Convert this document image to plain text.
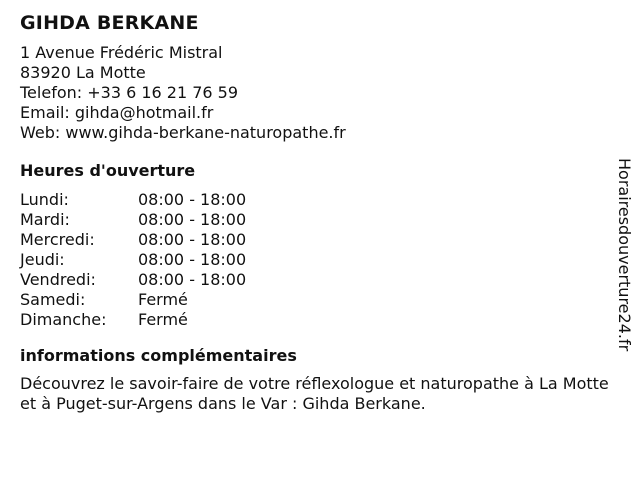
GIHDA BERKANE
1 Avenue Frédéric Mistral
83920 La Motte
Telefon: +33 6 16 21 76 59
Email: gihda@hotmail.fr
Web: www.gihda-berkane-naturopathe.fr
Heures d'ouverture
Lundi:	08:00 - 18:00
Mardi:	08:00 - 18:00
Mercredi:	08:00 - 18:00
Jeudi:	08:00 - 18:00
Vendredi:	08:00 - 18:00
Samedi:	Fermé
Dimanche:	Fermé
informations complémentaires
Découvrez le savoir-faire de votre réflexologue et naturopathe à La Motte et à Puget-sur-Argens dans le Var : Gihda Berkane.
Horairesdouverture24.fr
